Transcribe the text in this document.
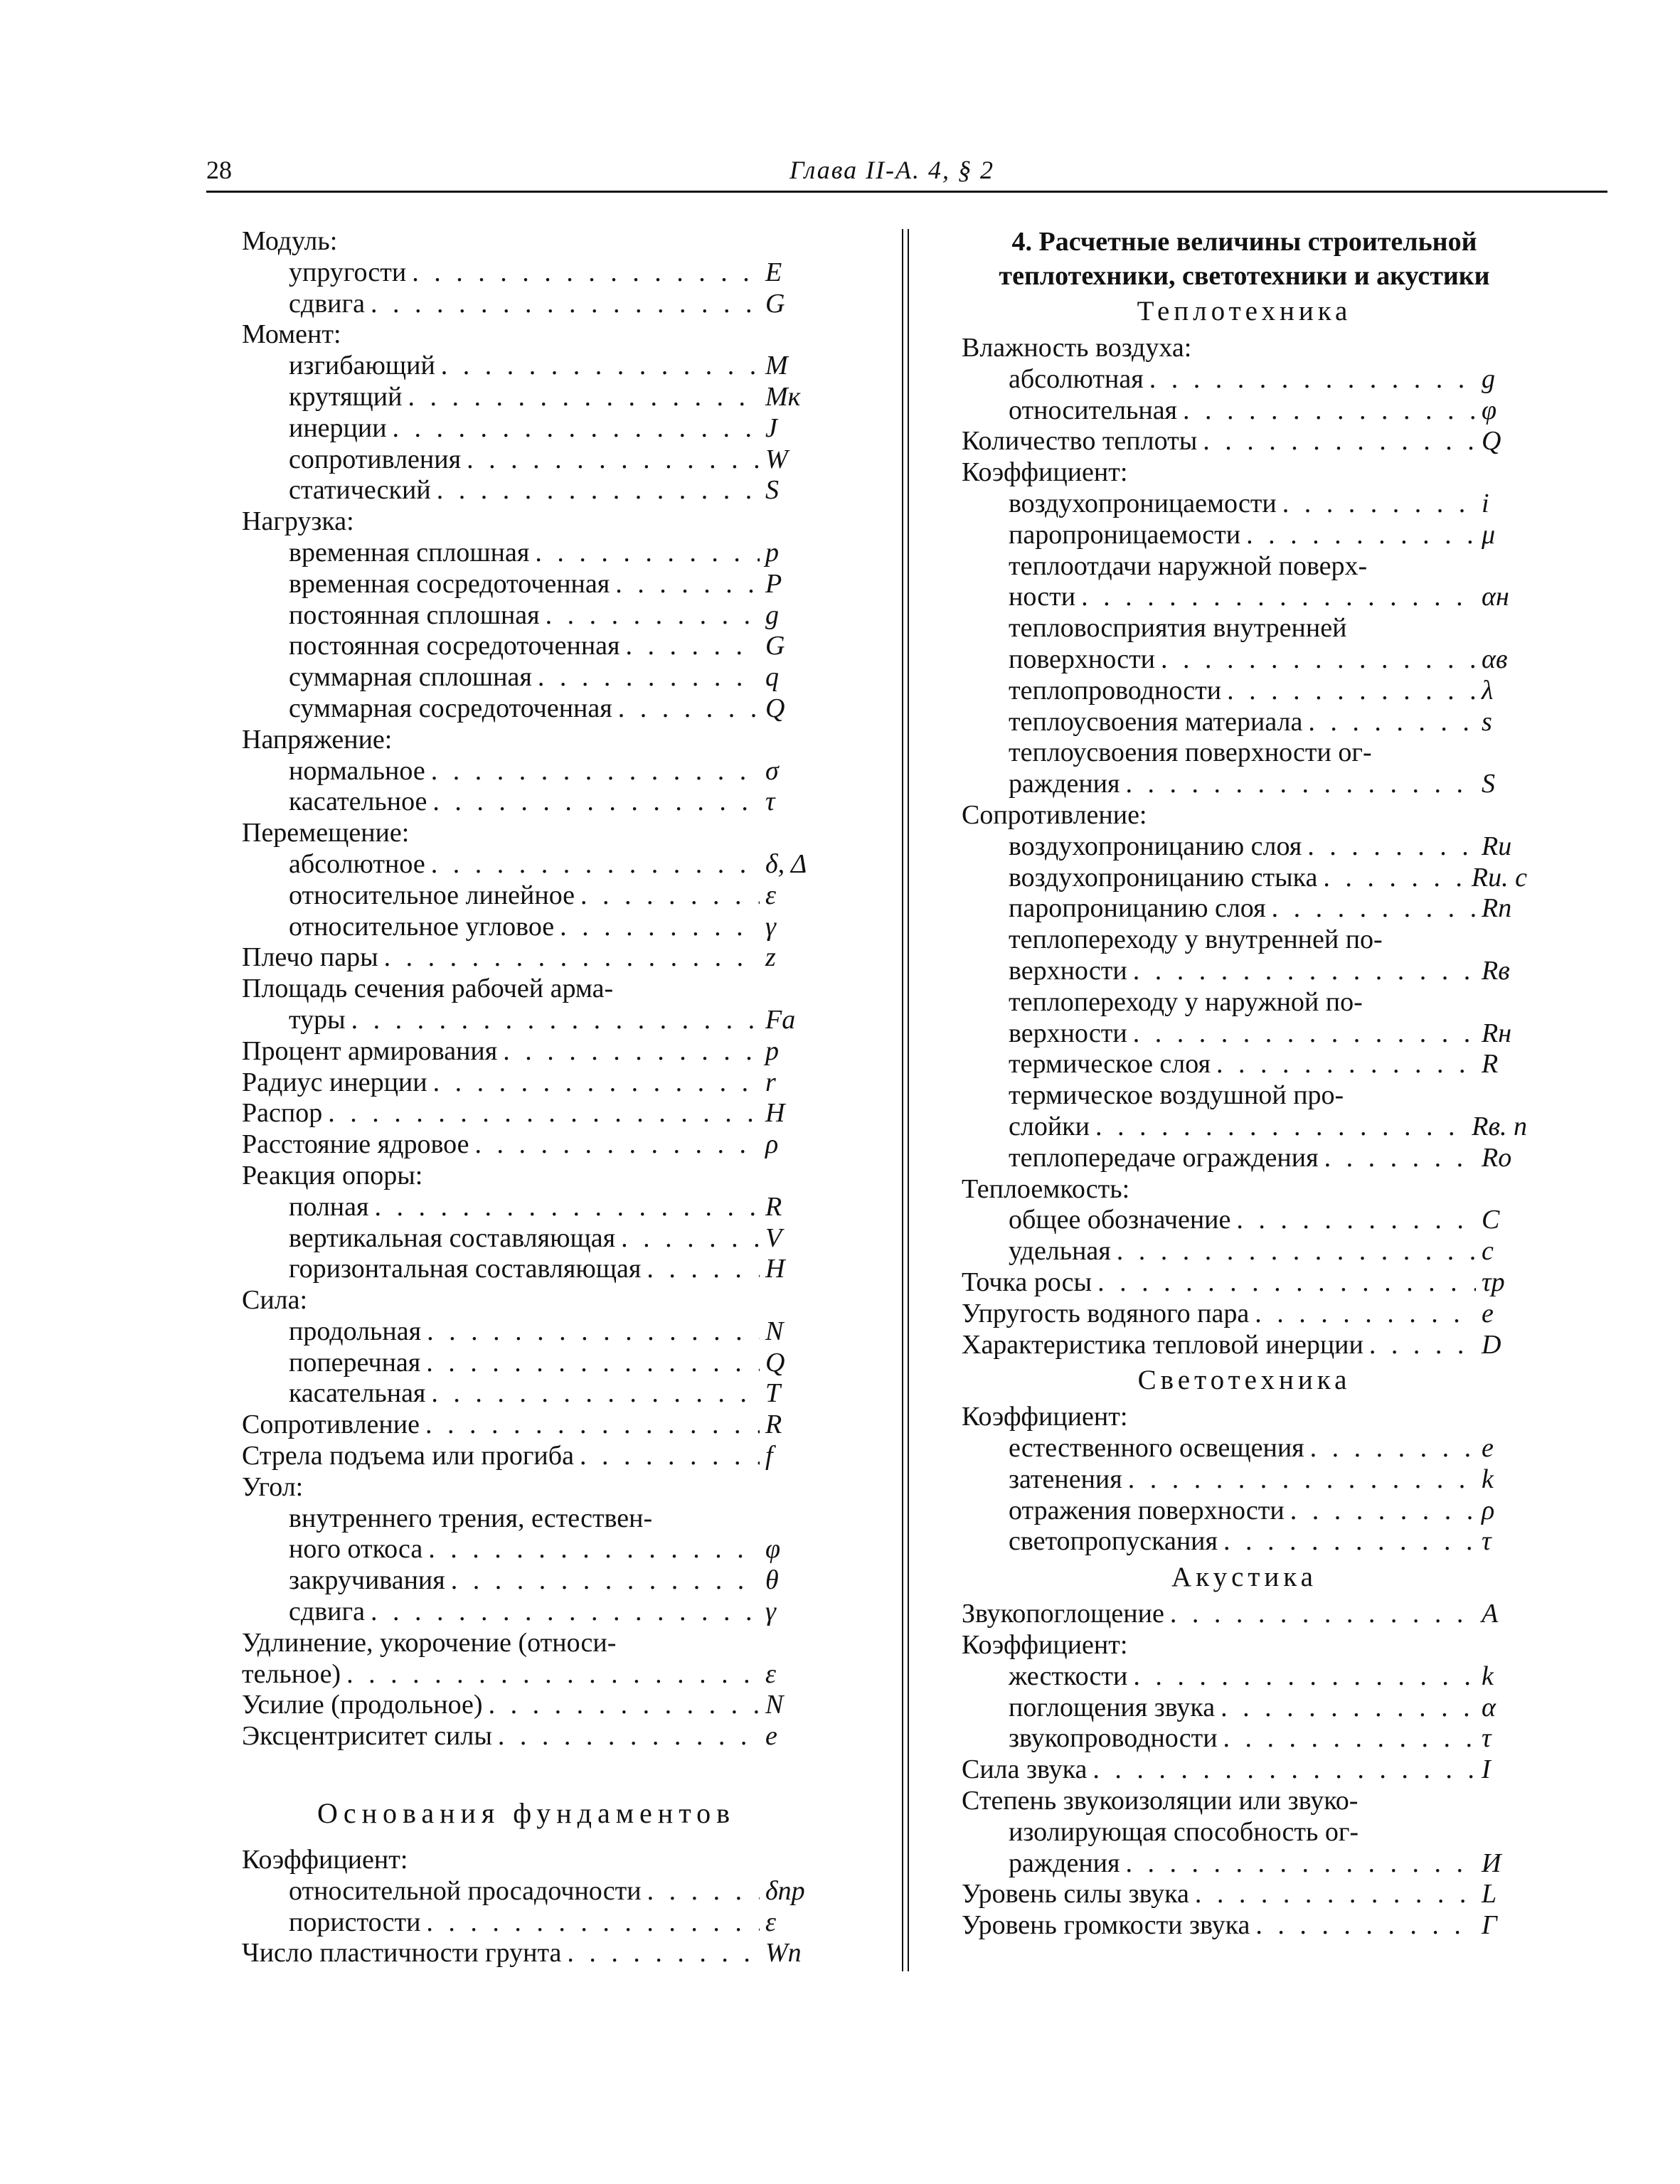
28	Глава II-А. 4, § 2
Модуль:
упругости . . .	E
сдвига . . .	G
Момент:
изгибающий . . .	M
крутящий . . .	Mк
инерции . . .	J
сопротивления . . .	W
статический . . .	S
Нагрузка:
временная сплошная . . .	p
временная сосредоточенная . . .	P
постоянная сплошная . . .	g
постоянная сосредоточенная . . .	G
суммарная сплошная . . .	q
суммарная сосредоточенная . . .	Q
Напряжение:
нормальное . . .	σ
касательное . . .	τ
Перемещение:
абсолютное . . .	δ, Δ
относительное линейное . . .	ε
относительное угловое . . .	γ
Плечо пары . . .	z
Площадь сечения рабочей арма-
туры . . .	Fа
Процент армирования . . .	p
Радиус инерции . . .	r
Распор . . .	H
Расстояние ядровое . . .	ρ
Реакция опоры:
полная . . .	R
вертикальная составляющая . . .	V
горизонтальная составляющая . . .	H
Сила:
продольная . . .	N
поперечная . . .	Q
касательная . . .	T
Сопротивление . . .	R
Стрела подъема или прогиба . . .	f
Угол:
внутреннего трения, естествен-
ного откоса . . .	φ
закручивания . . .	θ
сдвига . . .	γ
Удлинение, укорочение (относи-
тельное) . . .	ε
Усилие (продольное) . . .	N
Эксцентриситет силы . . .	e
Основания фундаментов
Коэффициент:
относительной просадочности . . .	δпр
пористости . . .	ε
Число пластичности грунта . . .	Wп
4. Расчетные величины строительной
теплотехники, светотехники и акустики
Теплотехника
Влажность воздуха:
абсолютная . . .	g
относительная . . .	φ
Количество теплоты . . .	Q
Коэффициент:
воздухопроницаемости . . .	i
паропроницаемости . . .	μ
теплоотдачи наружной поверх-
ности . . .	αн
тепловосприятия внутренней
поверхности . . .	αв
теплопроводности . . .	λ
теплоусвоения материала . . .	s
теплоусвоения поверхности ог-
раждения . . .	S
Сопротивление:
воздухопроницанию слоя . . .	Rи
воздухопроницанию стыка . . .	Rи. с
паропроницанию слоя . . .	Rп
теплопереходу у внутренней по-
верхности . . .	Rв
теплопереходу у наружной по-
верхности . . .	Rн
термическое слоя . . .	R
термическое воздушной про-
слойки . . .	Rв. п
теплопередаче ограждения . . .	Rо
Теплоемкость:
общее обозначение . . .	C
удельная . . .	c
Точка росы . . .	τр
Упругость водяного пара . . .	e
Характеристика тепловой инерции . . .	D
Светотехника
Коэффициент:
естественного освещения . . .	e
затенения . . .	k
отражения поверхности . . .	ρ
светопропускания . . .	τ
Акустика
Звукопоглощение . . .	A
Коэффициент:
жесткости . . .	k
поглощения звука . . .	α
звукопроводности . . .	τ
Сила звука . . .	I
Степень звукоизоляции или звуко-
изолирующая способность ог-
раждения . . .	И
Уровень силы звука . . .	L
Уровень громкости звука . . .	Г
